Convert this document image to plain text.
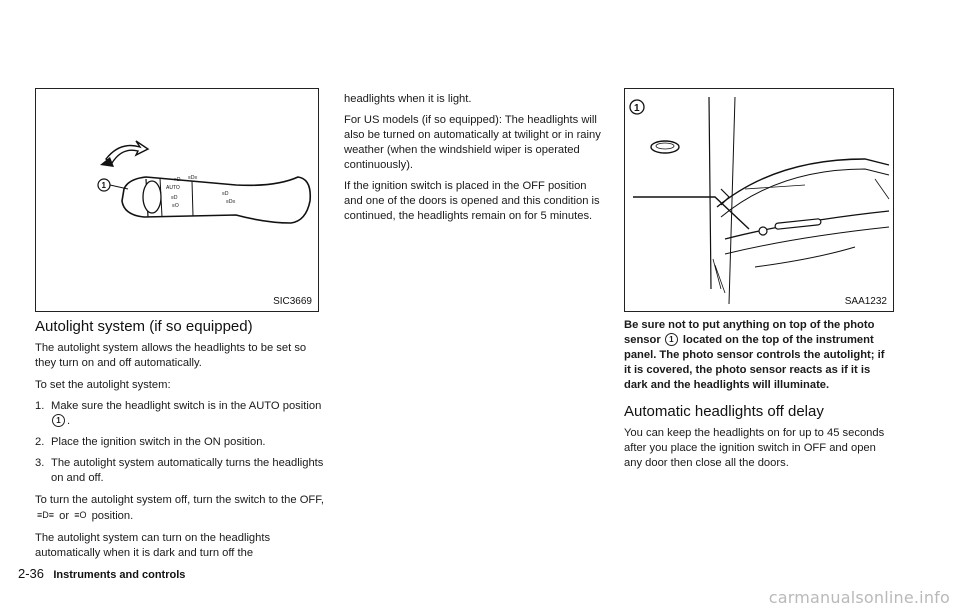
AUTO
≡D ≡D≡
≡D
≡O
≡D
≡D≡
1
SIC3669
1
SAA1232
Autolight system (if so equipped)

The autolight system allows the headlights to be set so they turn on and off automatically.

To set the autolight system:

1. Make sure the headlight switch is in the AUTO position1 .
2. Place the ignition switch in the ON position.
3. The autolight system automatically turns the headlights on and off.

To turn the autolight system off, turn the switch to the OFF, ≡D≡ or ≡O position.

The autolight system can turn on the headlights automatically when it is dark and turn off the

headlights when it is light.

For US models (if so equipped): The headlights will also be turned on automatically at twilight or in rainy weather (when the windshield wiper is operated continuously).

If the ignition switch is placed in the OFF position and one of the doors is opened and this condition is continued, the headlights remain on for 5 minutes.

Be sure not to put anything on top of the photo sensor 1 located on the top of the instrument panel. The photo sensor controls the autolight; if it is covered, the photo sensor reacts as if it is dark and the headlights will illuminate.

Automatic headlights off delay

You can keep the headlights on for up to 45 seconds after you place the ignition switch in OFF and open any door then close all the doors.

2-36 Instruments and controls
carmanualsonline.info
